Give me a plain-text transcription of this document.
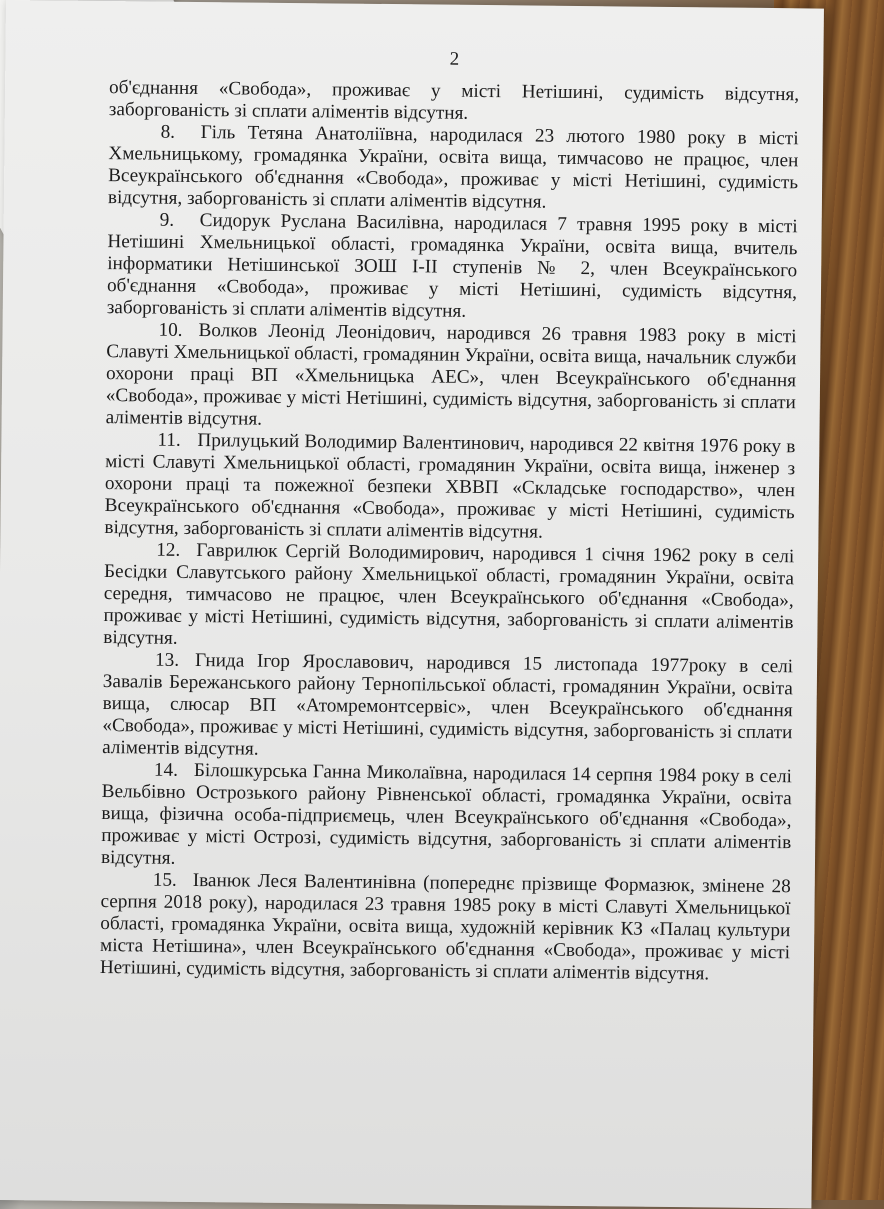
2

об'єднання «Свобода», проживає у місті Нетішині, судимість відсутня, заборгованість зі сплати аліментів відсутня.

8. Гіль Тетяна Анатоліївна, народилася 23 лютого 1980 року в місті Хмельницькому, громадянка України, освіта вища, тимчасово не працює, член Всеукраїнського об'єднання «Свобода», проживає у місті Нетішині, судимість відсутня, заборгованість зі сплати аліментів відсутня.

9. Сидорук Руслана Василівна, народилася 7 травня 1995 року в місті Нетішині Хмельницької області, громадянка України, освіта вища, вчитель інформатики Нетішинської ЗОШ І-ІІ ступенів № 2, член Всеукраїнського об'єднання «Свобода», проживає у місті Нетішині, судимість відсутня, заборгованість зі сплати аліментів відсутня.

10. Волков Леонід Леонідович, народився 26 травня 1983 року в місті Славуті Хмельницької області, громадянин України, освіта вища, начальник служби охорони праці ВП «Хмельницька АЕС», член Всеукраїнського об'єднання «Свобода», проживає у місті Нетішині, судимість відсутня, заборгованість зі сплати аліментів відсутня.

11. Прилуцький Володимир Валентинович, народився 22 квітня 1976 року в місті Славуті Хмельницької області, громадянин України, освіта вища, інженер з охорони праці та пожежної безпеки ХВВП «Складське господарство», член Всеукраїнського об'єднання «Свобода», проживає у місті Нетішині, судимість відсутня, заборгованість зі сплати аліментів відсутня.

12. Гаврилюк Сергій Володимирович, народився 1 січня 1962 року в селі Бесідки Славутського району Хмельницької області, громадянин України, освіта середня, тимчасово не працює, член Всеукраїнського об'єднання «Свобода», проживає у місті Нетішині, судимість відсутня, заборгованість зі сплати аліментів відсутня.

13. Гнида Ігор Ярославович, народився 15 листопада 1977року в селі Завалів Бережанського району Тернопільської області, громадянин України, освіта вища, слюсар ВП «Атомремонтсервіс», член Всеукраїнського об'єднання «Свобода», проживає у місті Нетішині, судимість відсутня, заборгованість зі сплати аліментів відсутня.

14. Білошкурська Ганна Миколаївна, народилася 14 серпня 1984 року в селі Вельбівно Острозького району Рівненської області, громадянка України, освіта вища, фізична особа-підприємець, член Всеукраїнського об'єднання «Свобода», проживає у місті Острозі, судимість відсутня, заборгованість зі сплати аліментів відсутня.

15. Іванюк Леся Валентинівна (попереднє прізвище Формазюк, змінене 28 серпня 2018 року), народилася 23 травня 1985 року в місті Славуті Хмельницької області, громадянка України, освіта вища, художній керівник КЗ «Палац культури міста Нетішина», член Всеукраїнського об'єднання «Свобода», проживає у місті Нетішині, судимість відсутня, заборгованість зі сплати аліментів відсутня.
